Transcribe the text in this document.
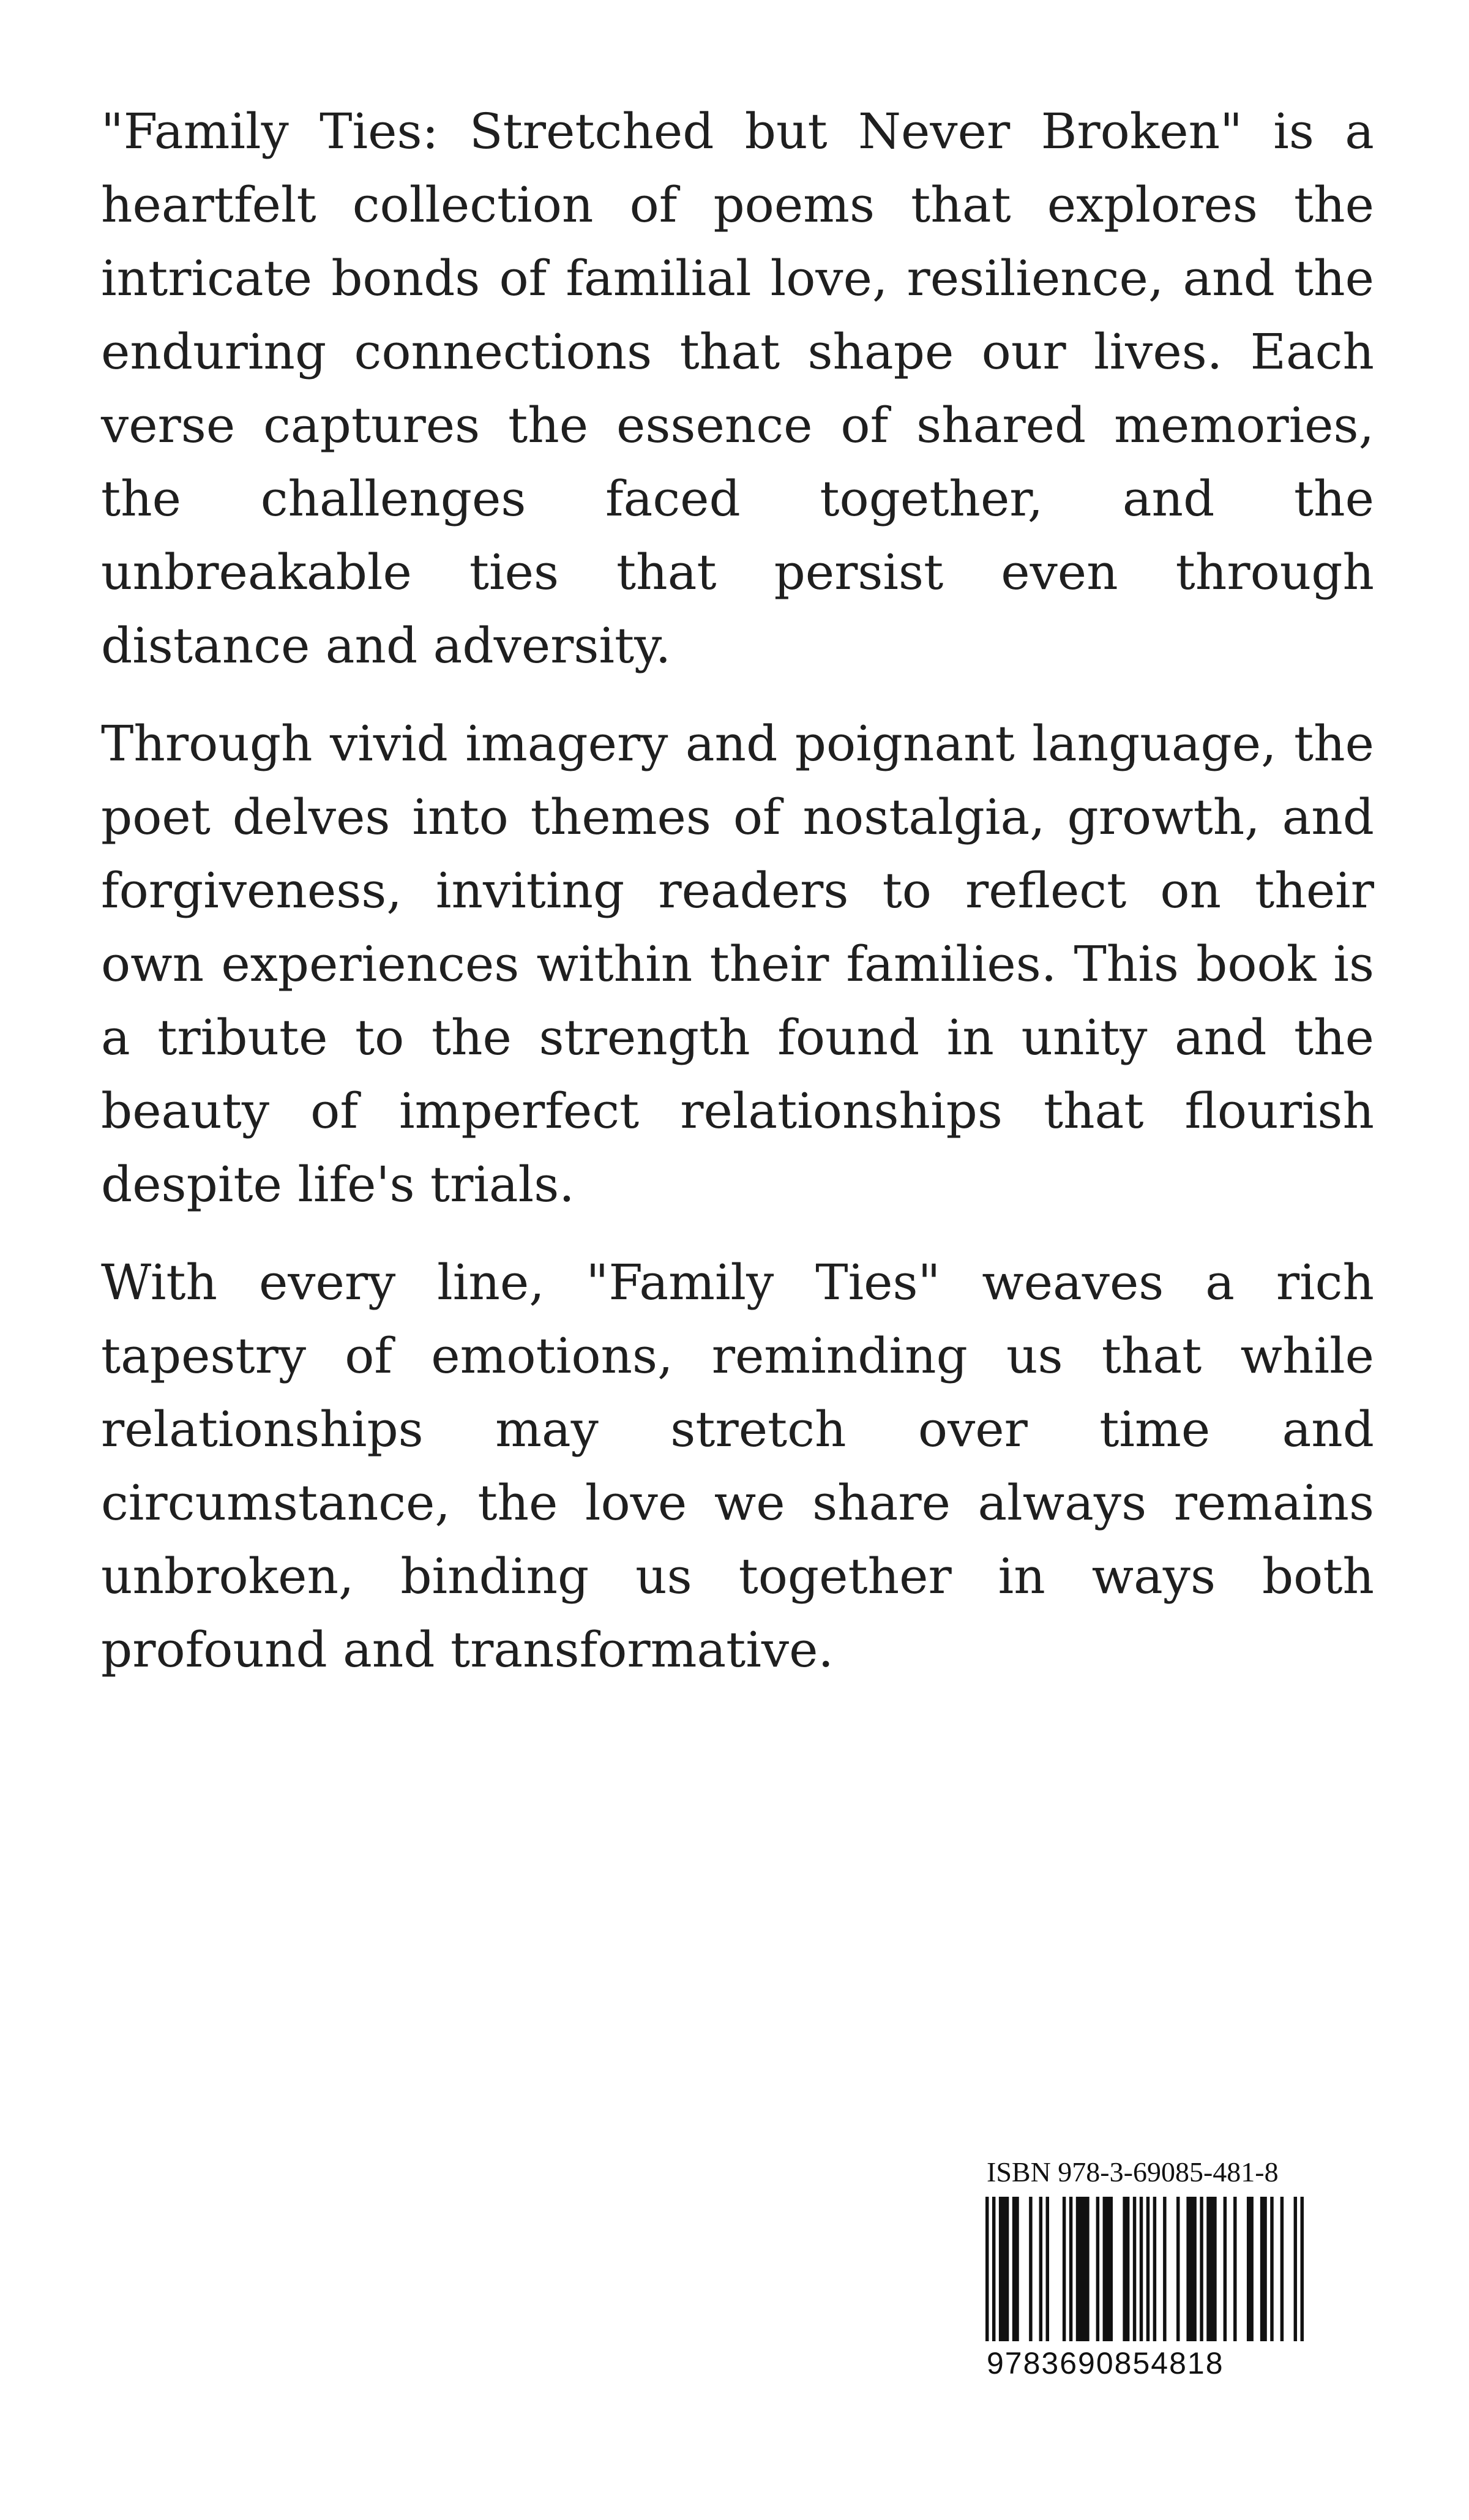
"Family Ties: Stretched but Never Broken" is a heartfelt collection of poems that explores the intricate bonds of familial love, resilience, and the enduring connections that shape our lives. Each verse captures the essence of shared memories, the challenges faced together, and the unbreakable ties that persist even through distance and adversity.

Through vivid imagery and poignant language, the poet delves into themes of nostalgia, growth, and forgiveness, inviting readers to reflect on their own experiences within their families. This book is a tribute to the strength found in unity and the beauty of imperfect relationships that flourish despite life's trials.

With every line, "Family Ties" weaves a rich tapestry of emotions, reminding us that while relationships may stretch over time and circumstance, the love we share always remains unbroken, binding us together in ways both profound and transformative.

ISBN 978-3-69085-481-8
9783690854818
